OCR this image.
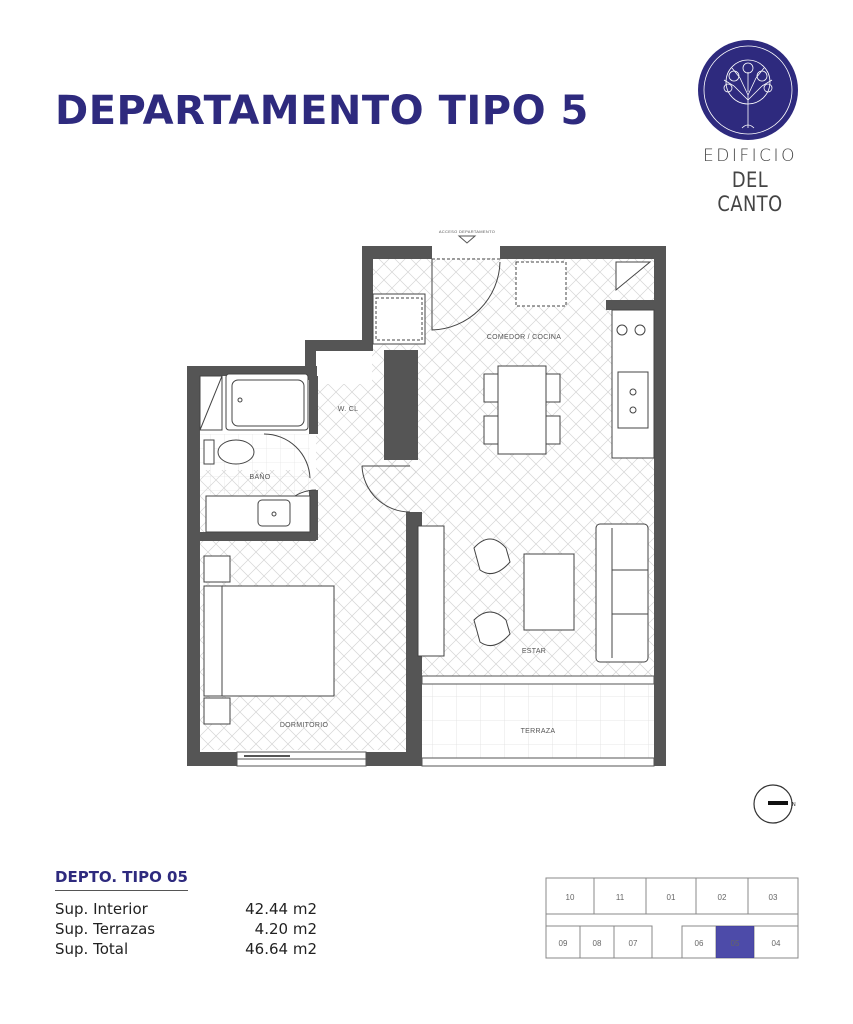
DEPARTAMENTO TIPO 5
EDIFICIO
DEL CANTO
ACCESO DEPARTAMENTO
COMEDOR / COCINA
W. CL
BAÑO
ESTAR
DORMITORIO
TERRAZA
N
10	11	01	02	03
09	08	07	06	05	04
DEPTO. TIPO 05
Sup. Interior	42.44 m2
Sup. Terrazas	4.20 m2
Sup. Total	46.64 m2
